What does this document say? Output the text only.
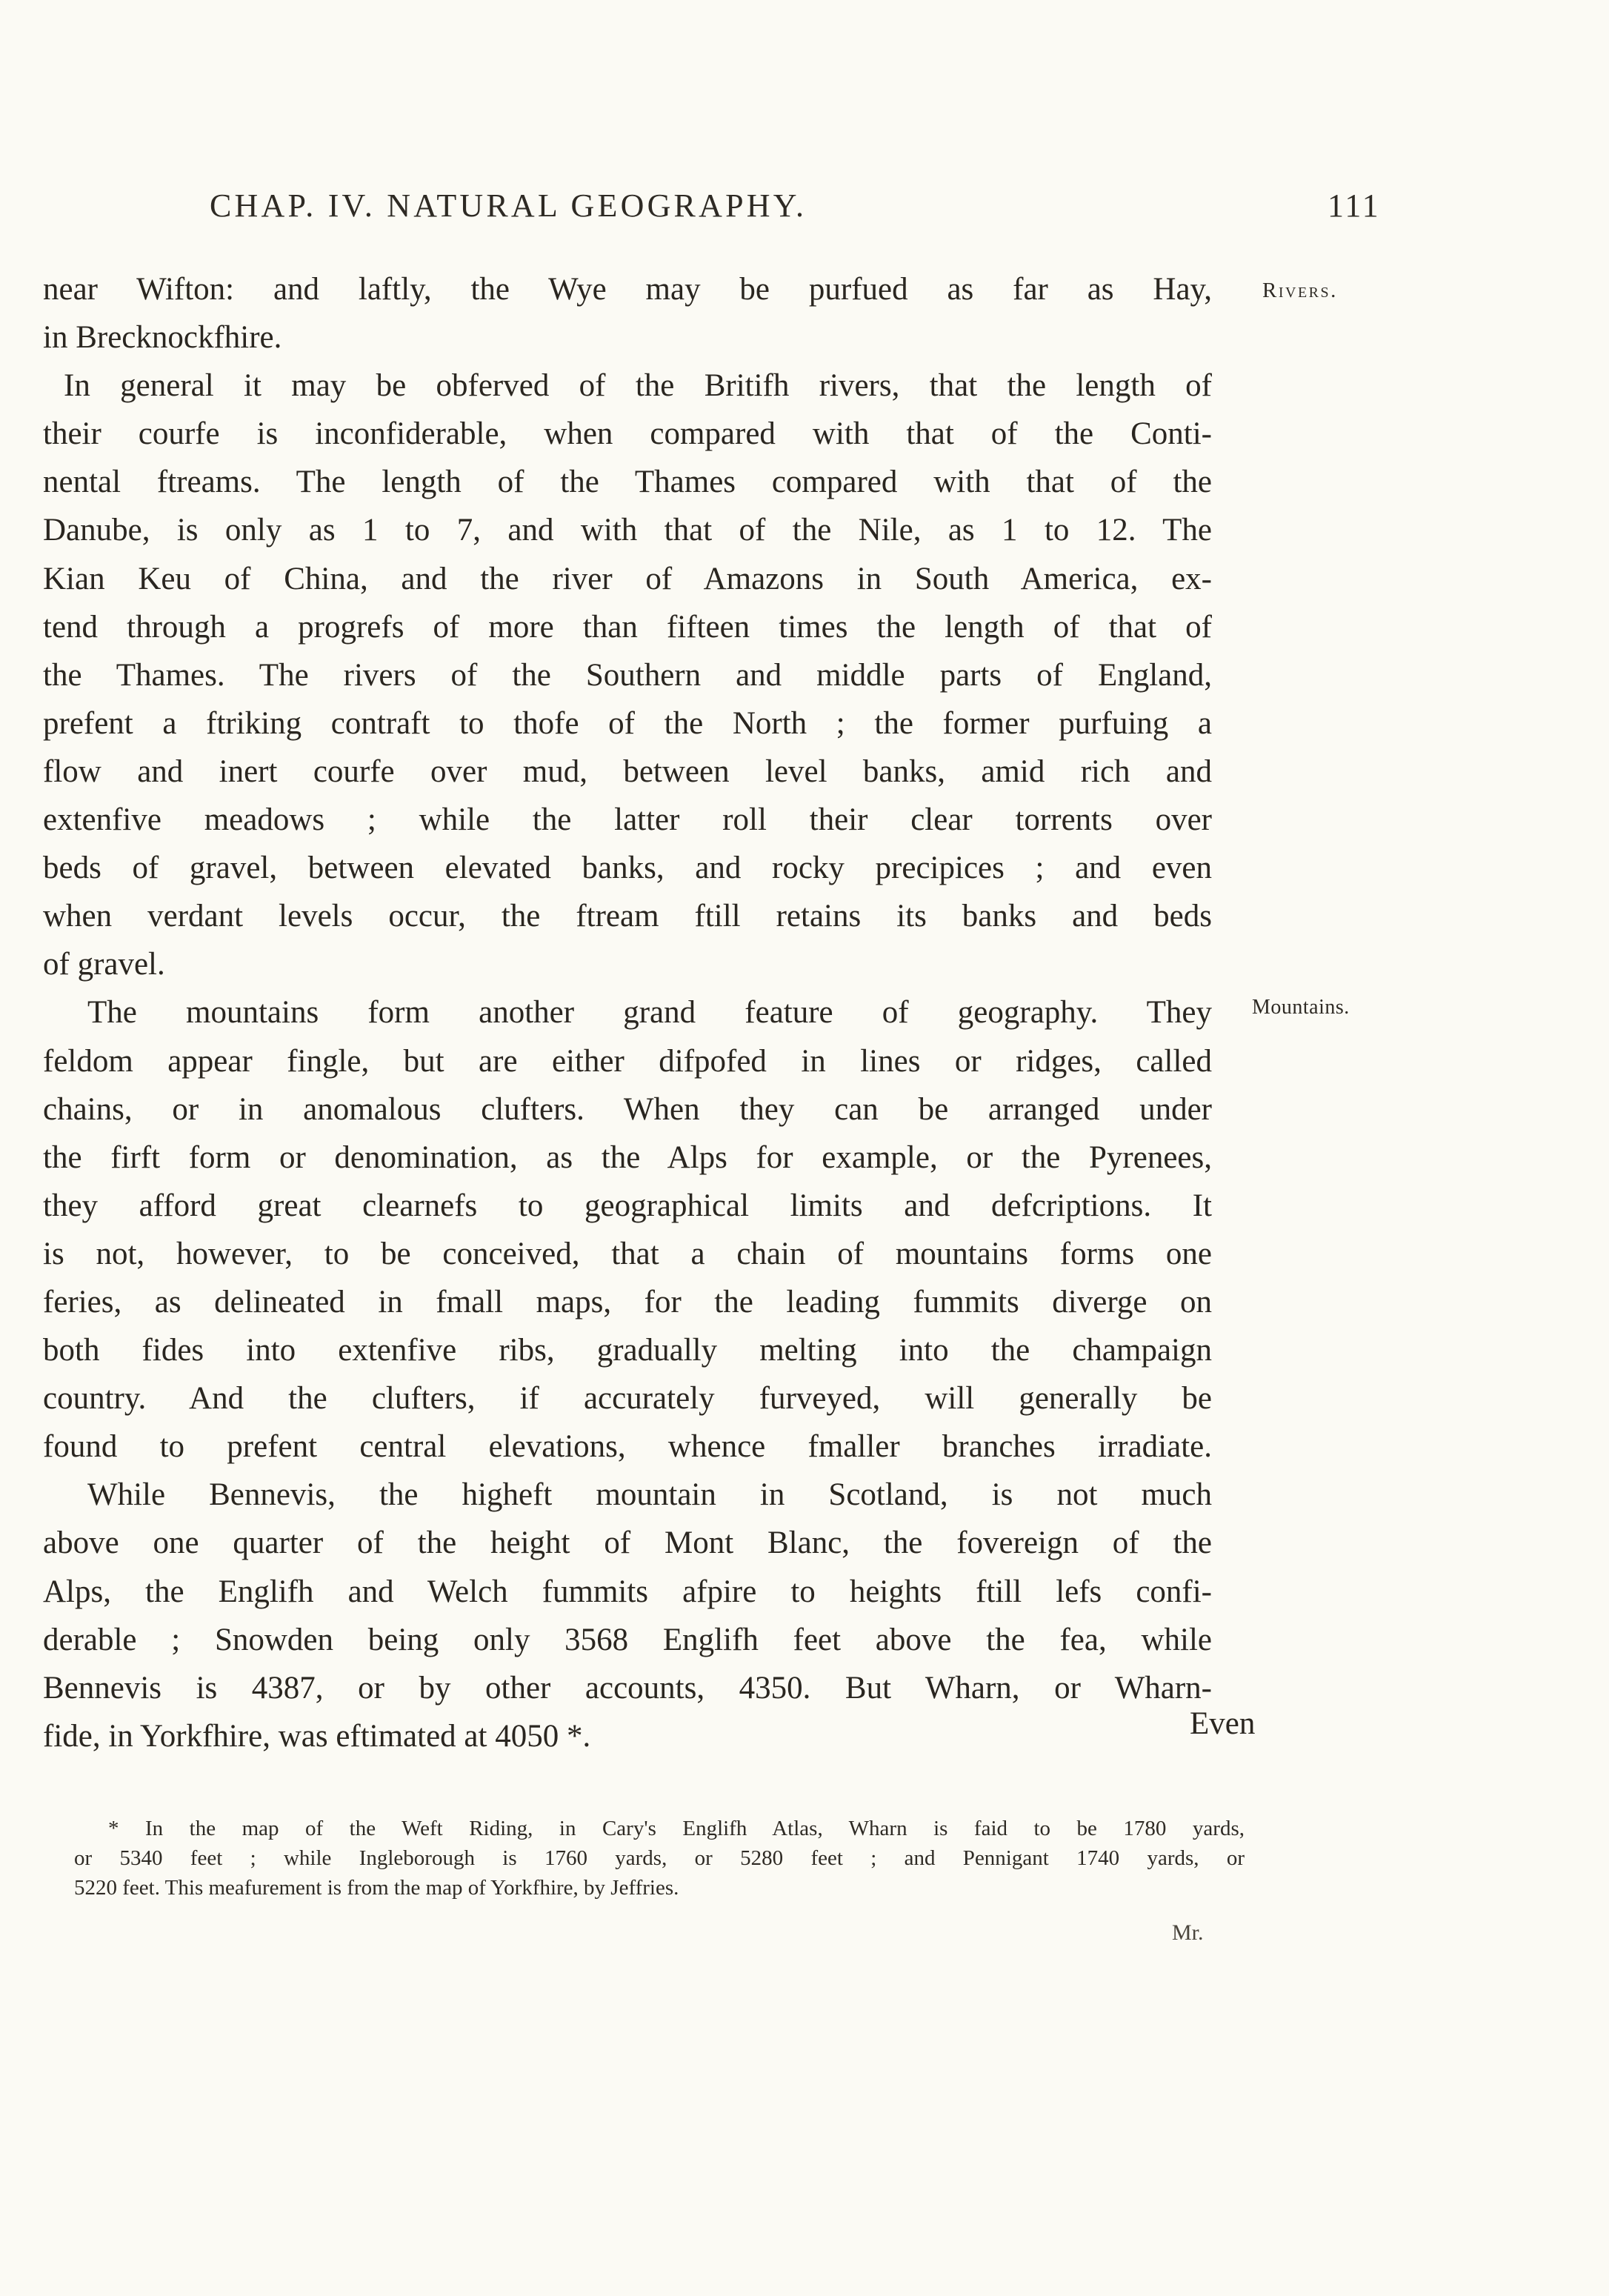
CHAP. IV. NATURAL GEOGRAPHY.	111
Rivers.
Mountains.
near Wifton: and laftly, the Wye may be purfued as far as Hay,
in Brecknockfhire.
In general it may be obferved of the Britifh rivers, that the length of
their courfe is inconfiderable, when compared with that of the Conti-
nental ftreams. The length of the Thames compared with that of the
Danube, is only as 1 to 7, and with that of the Nile, as 1 to 12. The
Kian Keu of China, and the river of Amazons in South America, ex-
tend through a progrefs of more than fifteen times the length of that of
the Thames. The rivers of the Southern and middle parts of England,
prefent a ftriking contraft to thofe of the North ; the former purfuing a
flow and inert courfe over mud, between level banks, amid rich and
extenfive meadows ; while the latter roll their clear torrents over
beds of gravel, between elevated banks, and rocky precipices ; and even
when verdant levels occur, the ftream ftill retains its banks and beds
of gravel.
The mountains form another grand feature of geography. They
feldom appear fingle, but are either difpofed in lines or ridges, called
chains, or in anomalous clufters. When they can be arranged under
the firft form or denomination, as the Alps for example, or the Pyrenees,
they afford great clearnefs to geographical limits and defcriptions. It
is not, however, to be conceived, that a chain of mountains forms one
feries, as delineated in fmall maps, for the leading fummits diverge on
both fides into extenfive ribs, gradually melting into the champaign
country. And the clufters, if accurately furveyed, will generally be
found to prefent central elevations, whence fmaller branches irradiate.
While Bennevis, the higheft mountain in Scotland, is not much
above one quarter of the height of Mont Blanc, the fovereign of the
Alps, the Englifh and Welch fummits afpire to heights ftill lefs confi-
derable ; Snowden being only 3568 Englifh feet above the fea, while
Bennevis is 4387, or by other accounts, 4350. But Wharn, or Wharn-
fide, in Yorkfhire, was eftimated at 4050 *.	Even
* In the map of the Weft Riding, in Cary's Englifh Atlas, Wharn is faid to be 1780 yards,
or 5340 feet ; while Ingleborough is 1760 yards, or 5280 feet ; and Pennigant 1740 yards, or
5220 feet. This meafurement is from the map of Yorkfhire, by Jeffries.
Mr.
